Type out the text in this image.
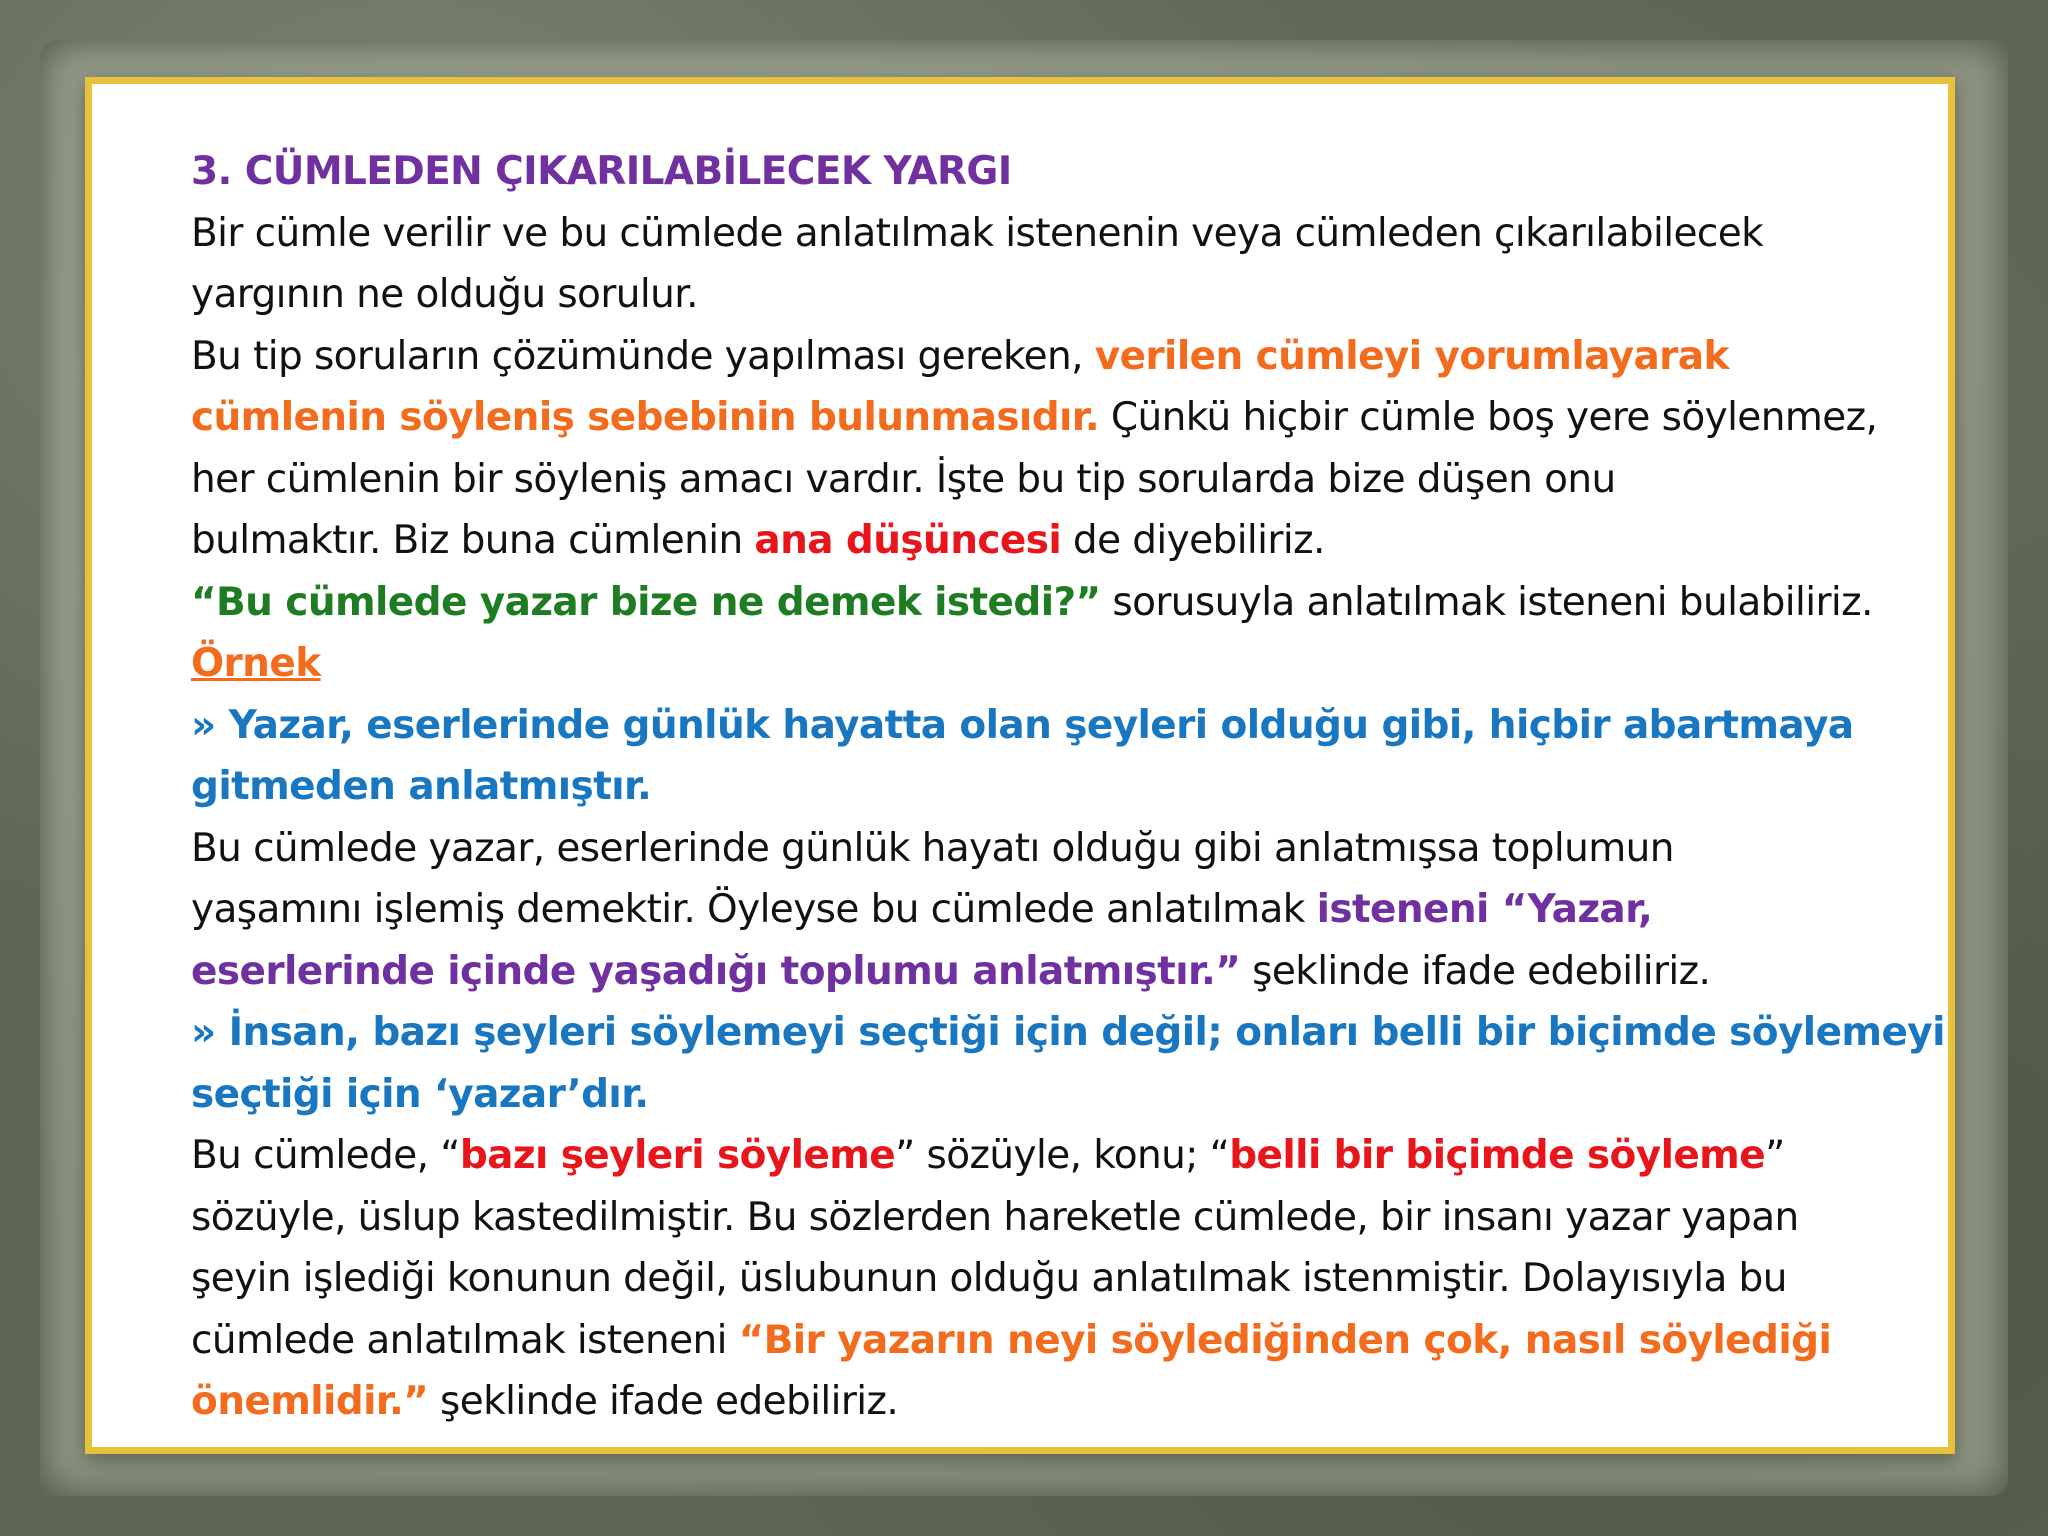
3. CÜMLEDEN ÇIKARILABİLECEK YARGI
Bir cümle verilir ve bu cümlede anlatılmak istenenin veya cümleden çıkarılabilecek
yargının ne olduğu sorulur.
Bu tip soruların çözümünde yapılması gereken, verilen cümleyi yorumlayarak
cümlenin söyleniş sebebinin bulunmasıdır. Çünkü hiçbir cümle boş yere söylenmez,
her cümlenin bir söyleniş amacı vardır. İşte bu tip sorularda bize düşen onu
bulmaktır. Biz buna cümlenin ana düşüncesi de diyebiliriz.
“Bu cümlede yazar bize ne demek istedi?” sorusuyla anlatılmak isteneni bulabiliriz.
Örnek
» Yazar, eserlerinde günlük hayatta olan şeyleri olduğu gibi, hiçbir abartmaya
gitmeden anlatmıştır.
Bu cümlede yazar, eserlerinde günlük hayatı olduğu gibi anlatmışsa toplumun
yaşamını işlemiş demektir. Öyleyse bu cümlede anlatılmak isteneni “Yazar,
eserlerinde içinde yaşadığı toplumu anlatmıştır.” şeklinde ifade edebiliriz.
» İnsan, bazı şeyleri söylemeyi seçtiği için değil; onları belli bir biçimde söylemeyi
seçtiği için ‘yazar’dır.
Bu cümlede, “bazı şeyleri söyleme” sözüyle, konu; “belli bir biçimde söyleme”
sözüyle, üslup kastedilmiştir. Bu sözlerden hareketle cümlede, bir insanı yazar yapan
şeyin işlediği konunun değil, üslubunun olduğu anlatılmak istenmiştir. Dolayısıyla bu
cümlede anlatılmak isteneni “Bir yazarın neyi söylediğinden çok, nasıl söylediği
önemlidir.” şeklinde ifade edebiliriz.
